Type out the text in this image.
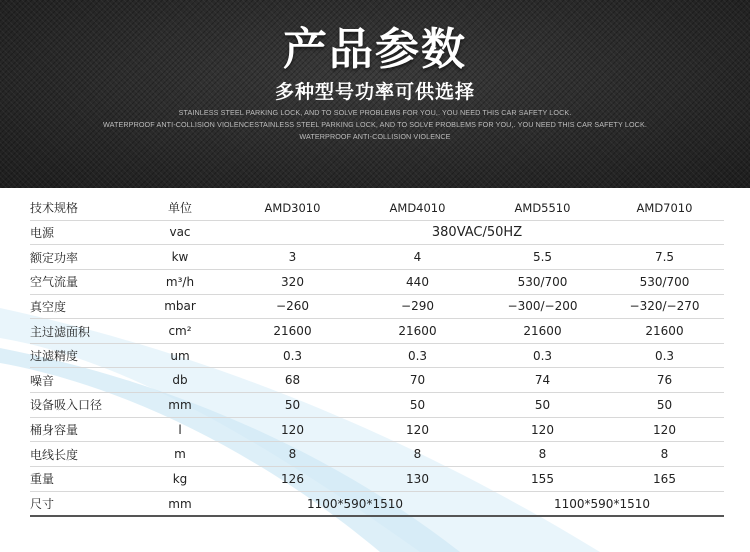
产品参数
多种型号功率可供选择
STAINLESS STEEL PARKING LOCK, AND TO SOLVE PROBLEMS FOR YOU,. YOU NEED THIS CAR SAFETY LOCK.
WATERPROOF ANTI-COLLISION VIOLENCESTAINLESS STEEL PARKING LOCK, AND TO SOLVE PROBLEMS FOR YOU,. YOU NEED THIS CAR SAFETY LOCK.
WATERPROOF ANTI-COLLISION VIOLENCE
技术规格	单位	AMD3010	AMD4010	AMD5510	AMD7010
电源	vac	380VAC/50HZ			
额定功率	kw	3	4	5.5	7.5
空气流量	m³/h	320	440	530/700	530/700
真空度	mbar	−260	−290	−300/−200	−320/−270
主过滤面积	cm²	21600	21600	21600	21600
过滤精度	um	0.3	0.3	0.3	0.3
噪音	db	68	70	74	76
设备吸入口径	mm	50	50	50	50
桶身容量	l	120	120	120	120
电线长度	m	8	8	8	8
重量	kg	126	130	155	165
尺寸	mm	1100*590*1510		1100*590*1510	
